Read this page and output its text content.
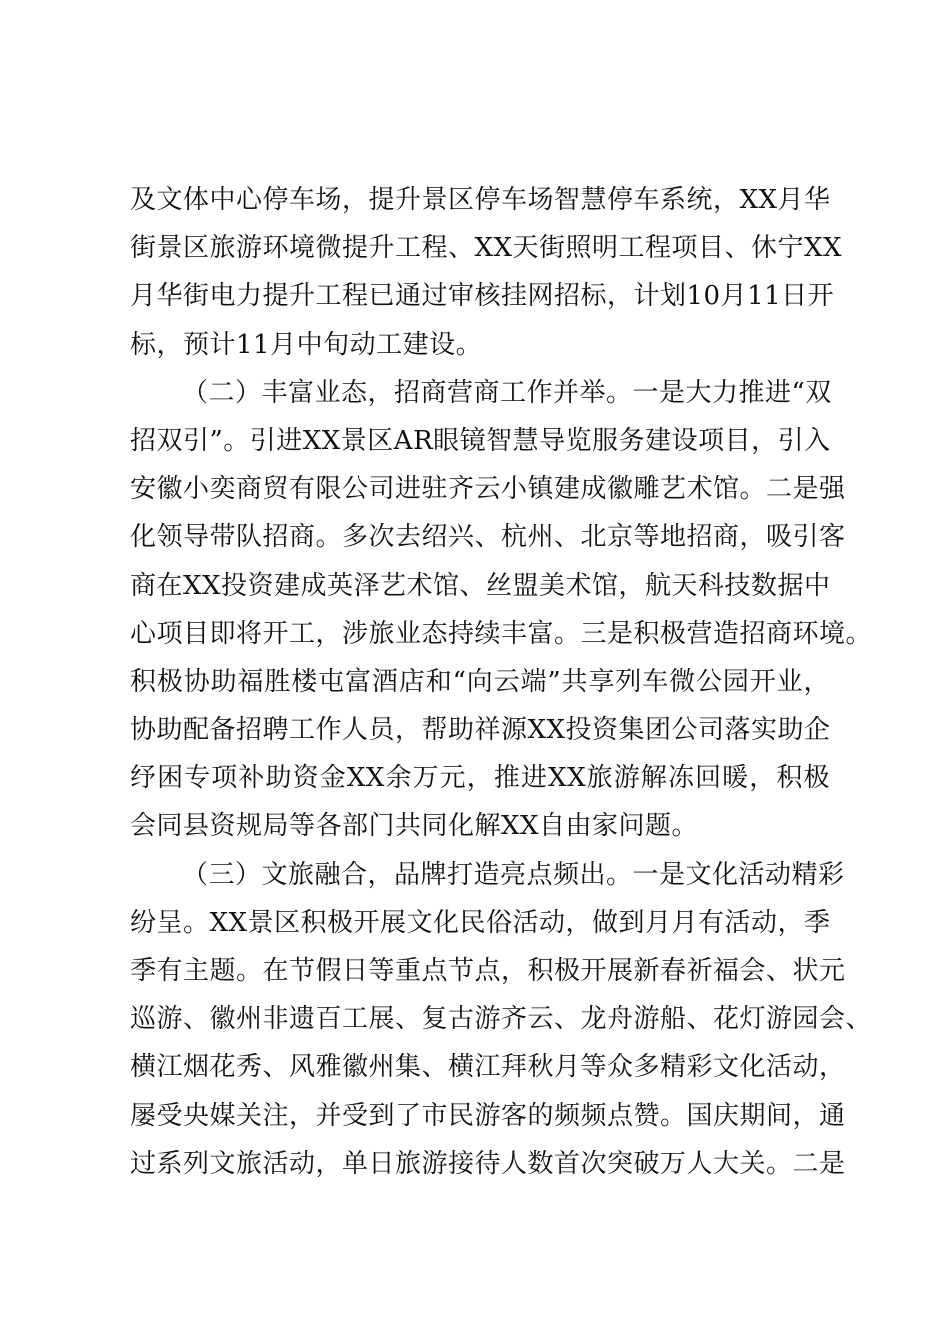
及文体中心停车场，提升景区停车场智慧停车系统，XX月华
街景区旅游环境微提升工程、XX天街照明工程项目、休宁XX
月华街电力提升工程已通过审核挂网招标，计划10月11日开
标，预计11月中旬动工建设。
（二）丰富业态，招商营商工作并举。一是大力推进“双
招双引”。引进XX景区AR眼镜智慧导览服务建设项目，引入
安徽小奕商贸有限公司进驻齐云小镇建成徽雕艺术馆。二是强
化领导带队招商。多次去绍兴、杭州、北京等地招商，吸引客
商在XX投资建成英泽艺术馆、丝盟美术馆，航天科技数据中
心项目即将开工，涉旅业态持续丰富。三是积极营造招商环境。
积极协助福胜楼屯富酒店和“向云端”共享列车微公园开业，
协助配备招聘工作人员，帮助祥源XX投资集团公司落实助企
纾困专项补助资金XX余万元，推进XX旅游解冻回暖，积极
会同县资规局等各部门共同化解XX自由家问题。
（三）文旅融合，品牌打造亮点频出。一是文化活动精彩
纷呈。XX景区积极开展文化民俗活动，做到月月有活动，季
季有主题。在节假日等重点节点，积极开展新春祈福会、状元
巡游、徽州非遗百工展、复古游齐云、龙舟游船、花灯游园会、
横江烟花秀、风雅徽州集、横江拜秋月等众多精彩文化活动，
屡受央媒关注，并受到了市民游客的频频点赞。国庆期间，通
过系列文旅活动，单日旅游接待人数首次突破万人大关。二是
